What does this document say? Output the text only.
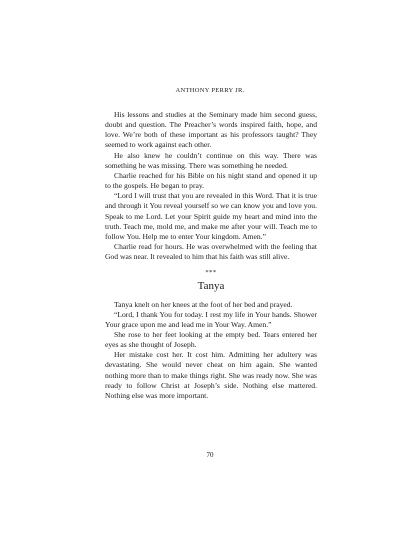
ANTHONY PERRY JR.

His lessons and studies at the Seminary made him second guess, doubt and question. The Preacher’s words inspired faith, hope, and love. We’re both of these important as his professors taught? They seemed to work against each other.

He also knew he couldn’t continue on this way. There was something he was missing. There was something he needed.

Charlie reached for his Bible on his night stand and opened it up to the gospels. He began to pray.

“Lord I will trust that you are revealed in this Word. That it is true and through it You reveal yourself so we can know you and love you. Speak to me Lord. Let your Spirit guide my heart and mind into the truth. Teach me, mold me, and make me after your will. Teach me to follow You. Help me to enter Your kingdom. Amen.”

Charlie read for hours. He was overwhelmed with the feeling that God was near. It revealed to him that his faith was still alive.

***
Tanya

Tanya knelt on her knees at the foot of her bed and prayed.

“Lord, I thank You for today. I rest my life in Your hands. Shower Your grace upon me and lead me in Your Way. Amen.”

She rose to her feet looking at the empty bed. Tears entered her eyes as she thought of Joseph.

Her mistake cost her. It cost him. Admitting her adultery was devastating. She would never cheat on him again. She wanted nothing more than to make things right. She was ready now. She was ready to follow Christ at Joseph’s side. Nothing else mattered. Nothing else was more important.

70
